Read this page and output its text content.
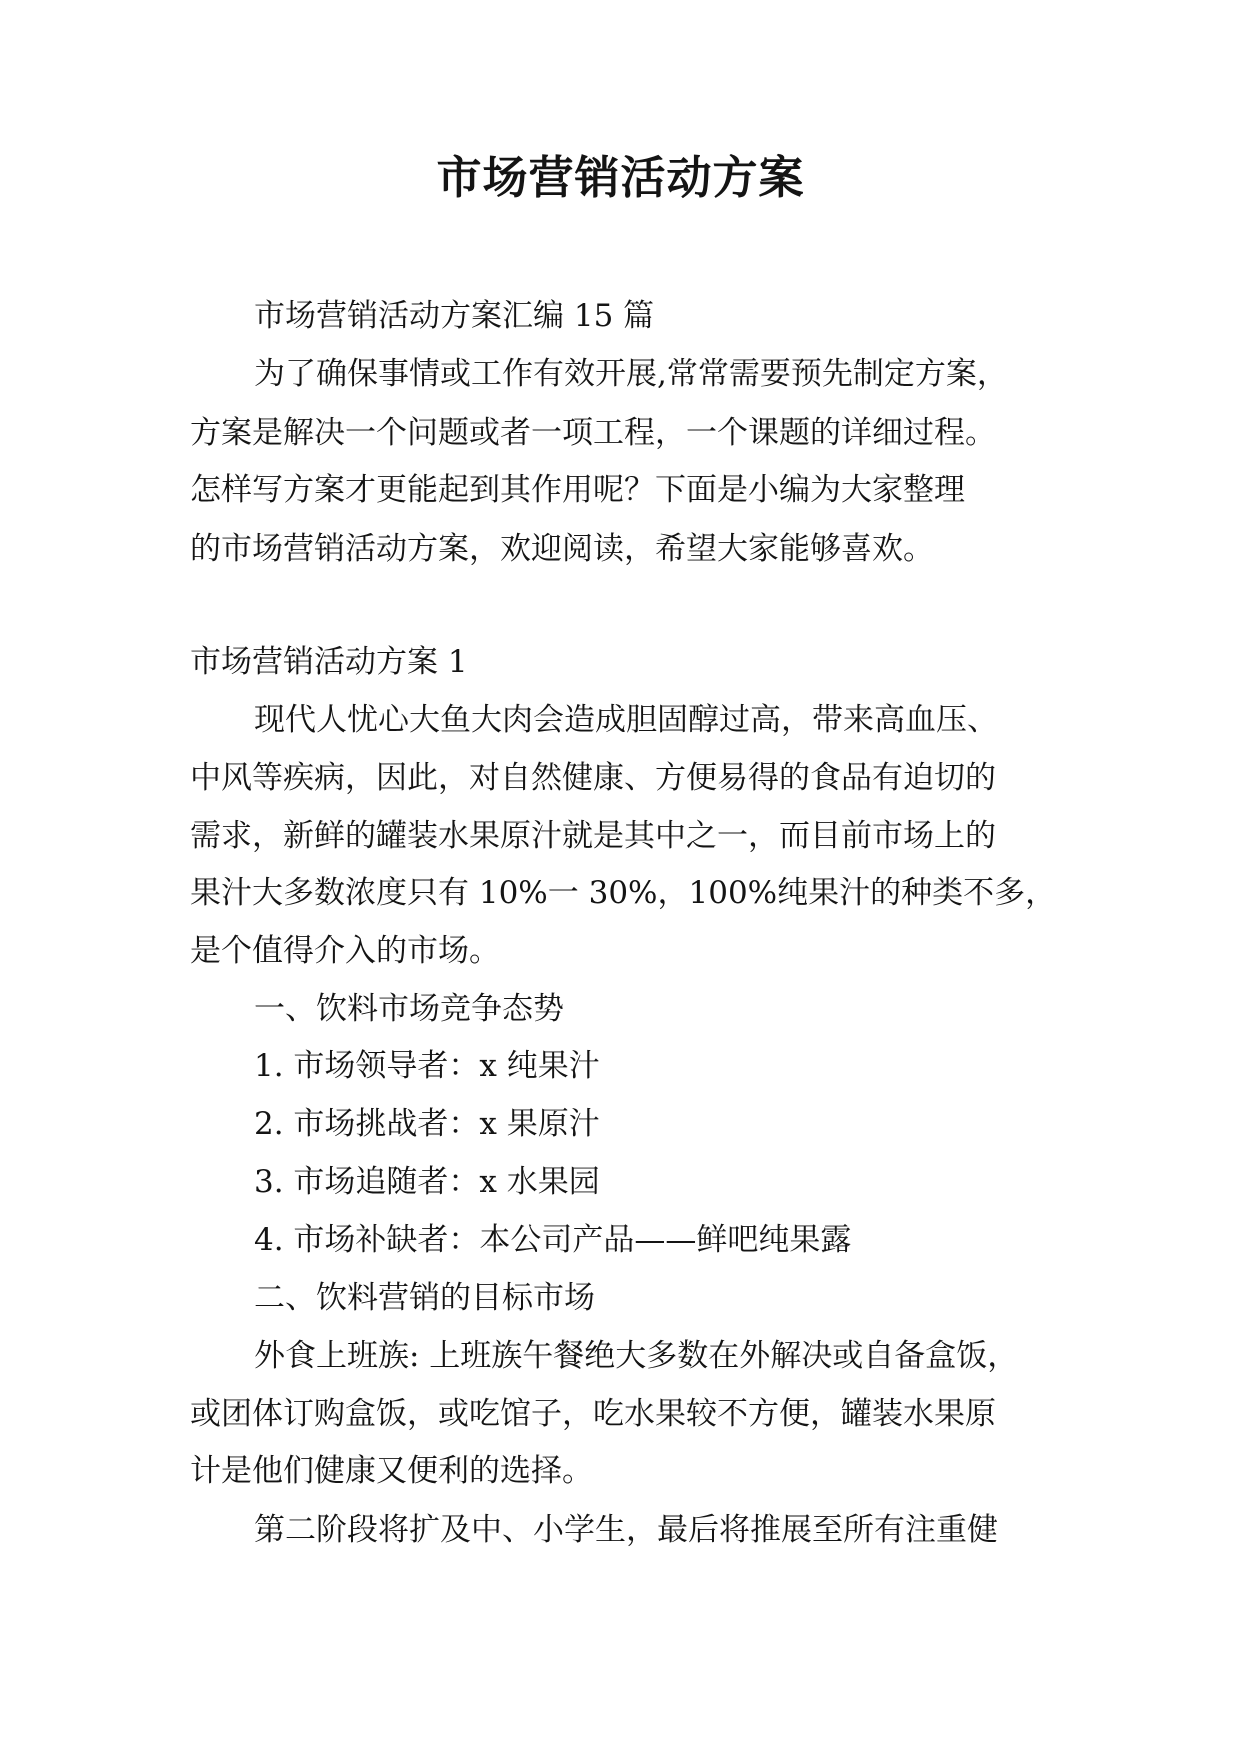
市场营销活动方案

市场营销活动方案汇编 15 篇

为了确保事情或工作有效开展,常常需要预先制定方案，

方案是解决一个问题或者一项工程，一个课题的详细过程。

怎样写方案才更能起到其作用呢？下面是小编为大家整理

的市场营销活动方案，欢迎阅读，希望大家能够喜欢。

市场营销活动方案 1

现代人忧心大鱼大肉会造成胆固醇过高，带来高血压、

中风等疾病，因此，对自然健康、方便易得的食品有迫切的

需求，新鲜的罐装水果原汁就是其中之一，而目前市场上的

果汁大多数浓度只有 10%一 30%，100%纯果汁的种类不多，

是个值得介入的市场。

一、饮料市场竞争态势

1. 市场领导者：x 纯果汁

2. 市场挑战者：x 果原汁

3. 市场追随者：x 水果园

4. 市场补缺者：本公司产品——鲜吧纯果露

二、饮料营销的目标市场

外食上班族: 上班族午餐绝大多数在外解决或自备盒饭，

或团体订购盒饭，或吃馆子，吃水果较不方便，罐装水果原

计是他们健康又便利的选择。

第二阶段将扩及中、小学生，最后将推展至所有注重健
